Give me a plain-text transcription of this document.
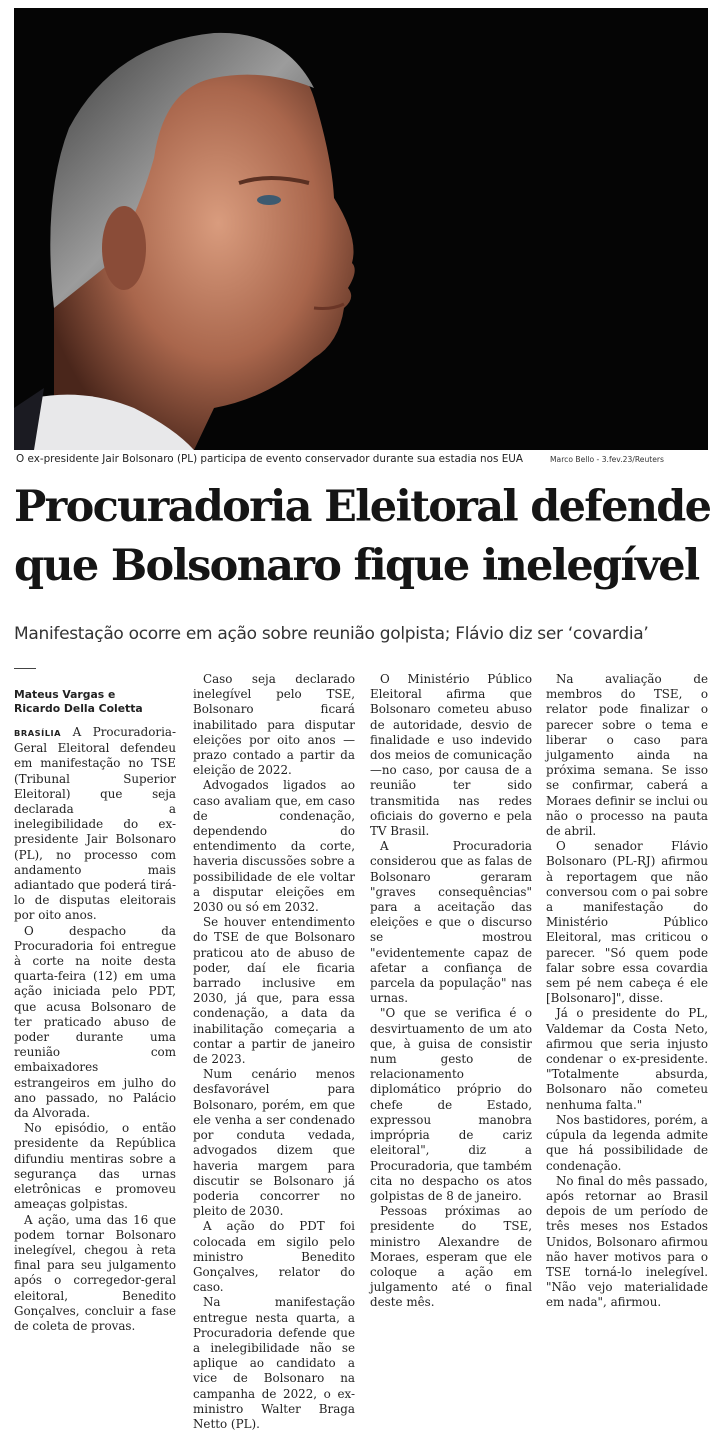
O ex-presidente Jair Bolsonaro (PL) participa de evento conservador durante sua estadia nos EUA	Marco Bello - 3.fev.23/Reuters
Procuradoria Eleitoral defende
que Bolsonaro fique inelegível
Manifestação ocorre em ação sobre reunião golpista; Flávio diz ser ‘covardia’
Mateus Vargas e
Ricardo Della Coletta

BRASÍLIA A Procuradoria-Geral Eleitoral defendeu em manifestação no TSE (Tribunal Superior Eleitoral) que seja declarada a inelegibilidade do ex-presidente Jair Bolsonaro (PL), no processo com andamento mais adiantado que poderá tirá-lo de disputas eleitorais por oito anos.

O despacho da Procuradoria foi entregue à corte na noite desta quarta-feira (12) em uma ação iniciada pelo PDT, que acusa Bolsonaro de ter praticado abuso de poder durante uma reunião com embaixadores estrangeiros em julho do ano passado, no Palácio da Alvorada.

No episódio, o então presidente da República difundiu mentiras sobre a segurança das urnas eletrônicas e promoveu ameaças golpistas.

A ação, uma das 16 que podem tornar Bolsonaro inelegível, chegou à reta final para seu julgamento após o corregedor-geral eleitoral, Benedito Gonçalves, concluir a fase de coleta de provas.

Caso seja declarado inelegível pelo TSE, Bolsonaro ficará inabilitado para disputar eleições por oito anos —prazo contado a partir da eleição de 2022.

Advogados ligados ao caso avaliam que, em caso de condenação, dependendo do entendimento da corte, haveria discussões sobre a possibilidade de ele voltar a disputar eleições em 2030 ou só em 2032.

Se houver entendimento do TSE de que Bolsonaro praticou ato de abuso de poder, daí ele ficaria barrado inclusive em 2030, já que, para essa condenação, a data da inabilitação começaria a contar a partir de janeiro de 2023.

Num cenário menos desfavorável para Bolsonaro, porém, em que ele venha a ser condenado por conduta vedada, advogados dizem que haveria margem para discutir se Bolsonaro já poderia concorrer no pleito de 2030.

A ação do PDT foi colocada em sigilo pelo ministro Benedito Gonçalves, relator do caso.

Na manifestação entregue nesta quarta, a Procuradoria defende que a inelegibilidade não se aplique ao candidato a vice de Bolsonaro na campanha de 2022, o ex-ministro Walter Braga Netto (PL).

O Ministério Público Eleitoral afirma que Bolsonaro cometeu abuso de autoridade, desvio de finalidade e uso indevido dos meios de comunicação —no caso, por causa de a reunião ter sido transmitida nas redes oficiais do governo e pela TV Brasil.

A Procuradoria considerou que as falas de Bolsonaro geraram "graves consequências" para a aceitação das eleições e que o discurso se mostrou "evidentemente capaz de afetar a confiança de parcela da população" nas urnas.

"O que se verifica é o desvirtuamento de um ato que, à guisa de consistir num gesto de relacionamento diplomático próprio do chefe de Estado, expressou manobra imprópria de cariz eleitoral", diz a Procuradoria, que também cita no despacho os atos golpistas de 8 de janeiro.

Pessoas próximas ao presidente do TSE, ministro Alexandre de Moraes, esperam que ele coloque a ação em julgamento até o final deste mês.

Na avaliação de membros do TSE, o relator pode finalizar o parecer sobre o tema e liberar o caso para julgamento ainda na próxima semana. Se isso se confirmar, caberá a Moraes definir se inclui ou não o processo na pauta de abril.

O senador Flávio Bolsonaro (PL-RJ) afirmou à reportagem que não conversou com o pai sobre a manifestação do Ministério Público Eleitoral, mas criticou o parecer. "Só quem pode falar sobre essa covardia sem pé nem cabeça é ele [Bolsonaro]", disse.

Já o presidente do PL, Valdemar da Costa Neto, afirmou que seria injusto condenar o ex-presidente. "Totalmente absurda, Bolsonaro não cometeu nenhuma falta."

Nos bastidores, porém, a cúpula da legenda admite que há possibilidade de condenação.

No final do mês passado, após retornar ao Brasil depois de um período de três meses nos Estados Unidos, Bolsonaro afirmou não haver motivos para o TSE torná-lo inelegível. "Não vejo materialidade em nada", afirmou.
